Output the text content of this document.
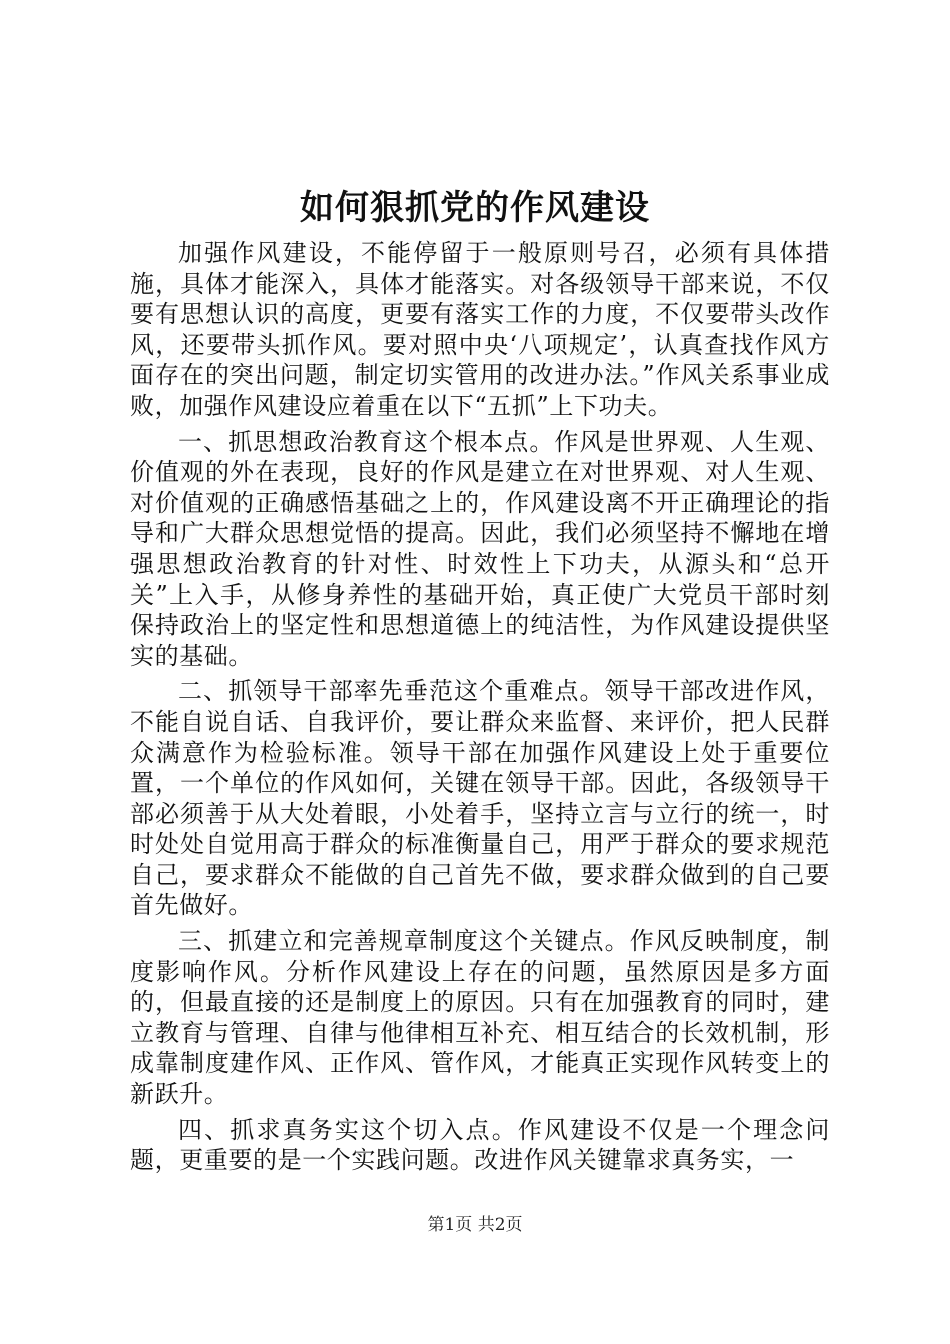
如何狠抓党的作风建设

加强作风建设，不能停留于一般原则号召，必须有具体措施，具体才能深入，具体才能落实。对各级领导干部来说，不仅要有思想认识的高度，更要有落实工作的力度，不仅要带头改作风，还要带头抓作风。要对照中央‘八项规定’，认真查找作风方面存在的突出问题，制定切实管用的改进办法。”作风关系事业成败，加强作风建设应着重在以下“五抓”上下功夫。

一、抓思想政治教育这个根本点。作风是世界观、人生观、价值观的外在表现，良好的作风是建立在对世界观、对人生观、对价值观的正确感悟基础之上的，作风建设离不开正确理论的指导和广大群众思想觉悟的提高。因此，我们必须坚持不懈地在增强思想政治教育的针对性、时效性上下功夫，从源头和“总开关”上入手，从修身养性的基础开始，真正使广大党员干部时刻保持政治上的坚定性和思想道德上的纯洁性，为作风建设提供坚实的基础。

二、抓领导干部率先垂范这个重难点。领导干部改进作风，不能自说自话、自我评价，要让群众来监督、来评价，把人民群众满意作为检验标准。领导干部在加强作风建设上处于重要位置，一个单位的作风如何，关键在领导干部。因此，各级领导干部必须善于从大处着眼，小处着手，坚持立言与立行的统一，时时处处自觉用高于群众的标准衡量自己，用严于群众的要求规范自己，要求群众不能做的自己首先不做，要求群众做到的自己要首先做好。

三、抓建立和完善规章制度这个关键点。作风反映制度，制度影响作风。分析作风建设上存在的问题，虽然原因是多方面的，但最直接的还是制度上的原因。只有在加强教育的同时，建立教育与管理、自律与他律相互补充、相互结合的长效机制，形成靠制度建作风、正作风、管作风，才能真正实现作风转变上的新跃升。

四、抓求真务实这个切入点。作风建设不仅是一个理念问题，更重要的是一个实践问题。改进作风关键靠求真务实，一

第1页 共2页
